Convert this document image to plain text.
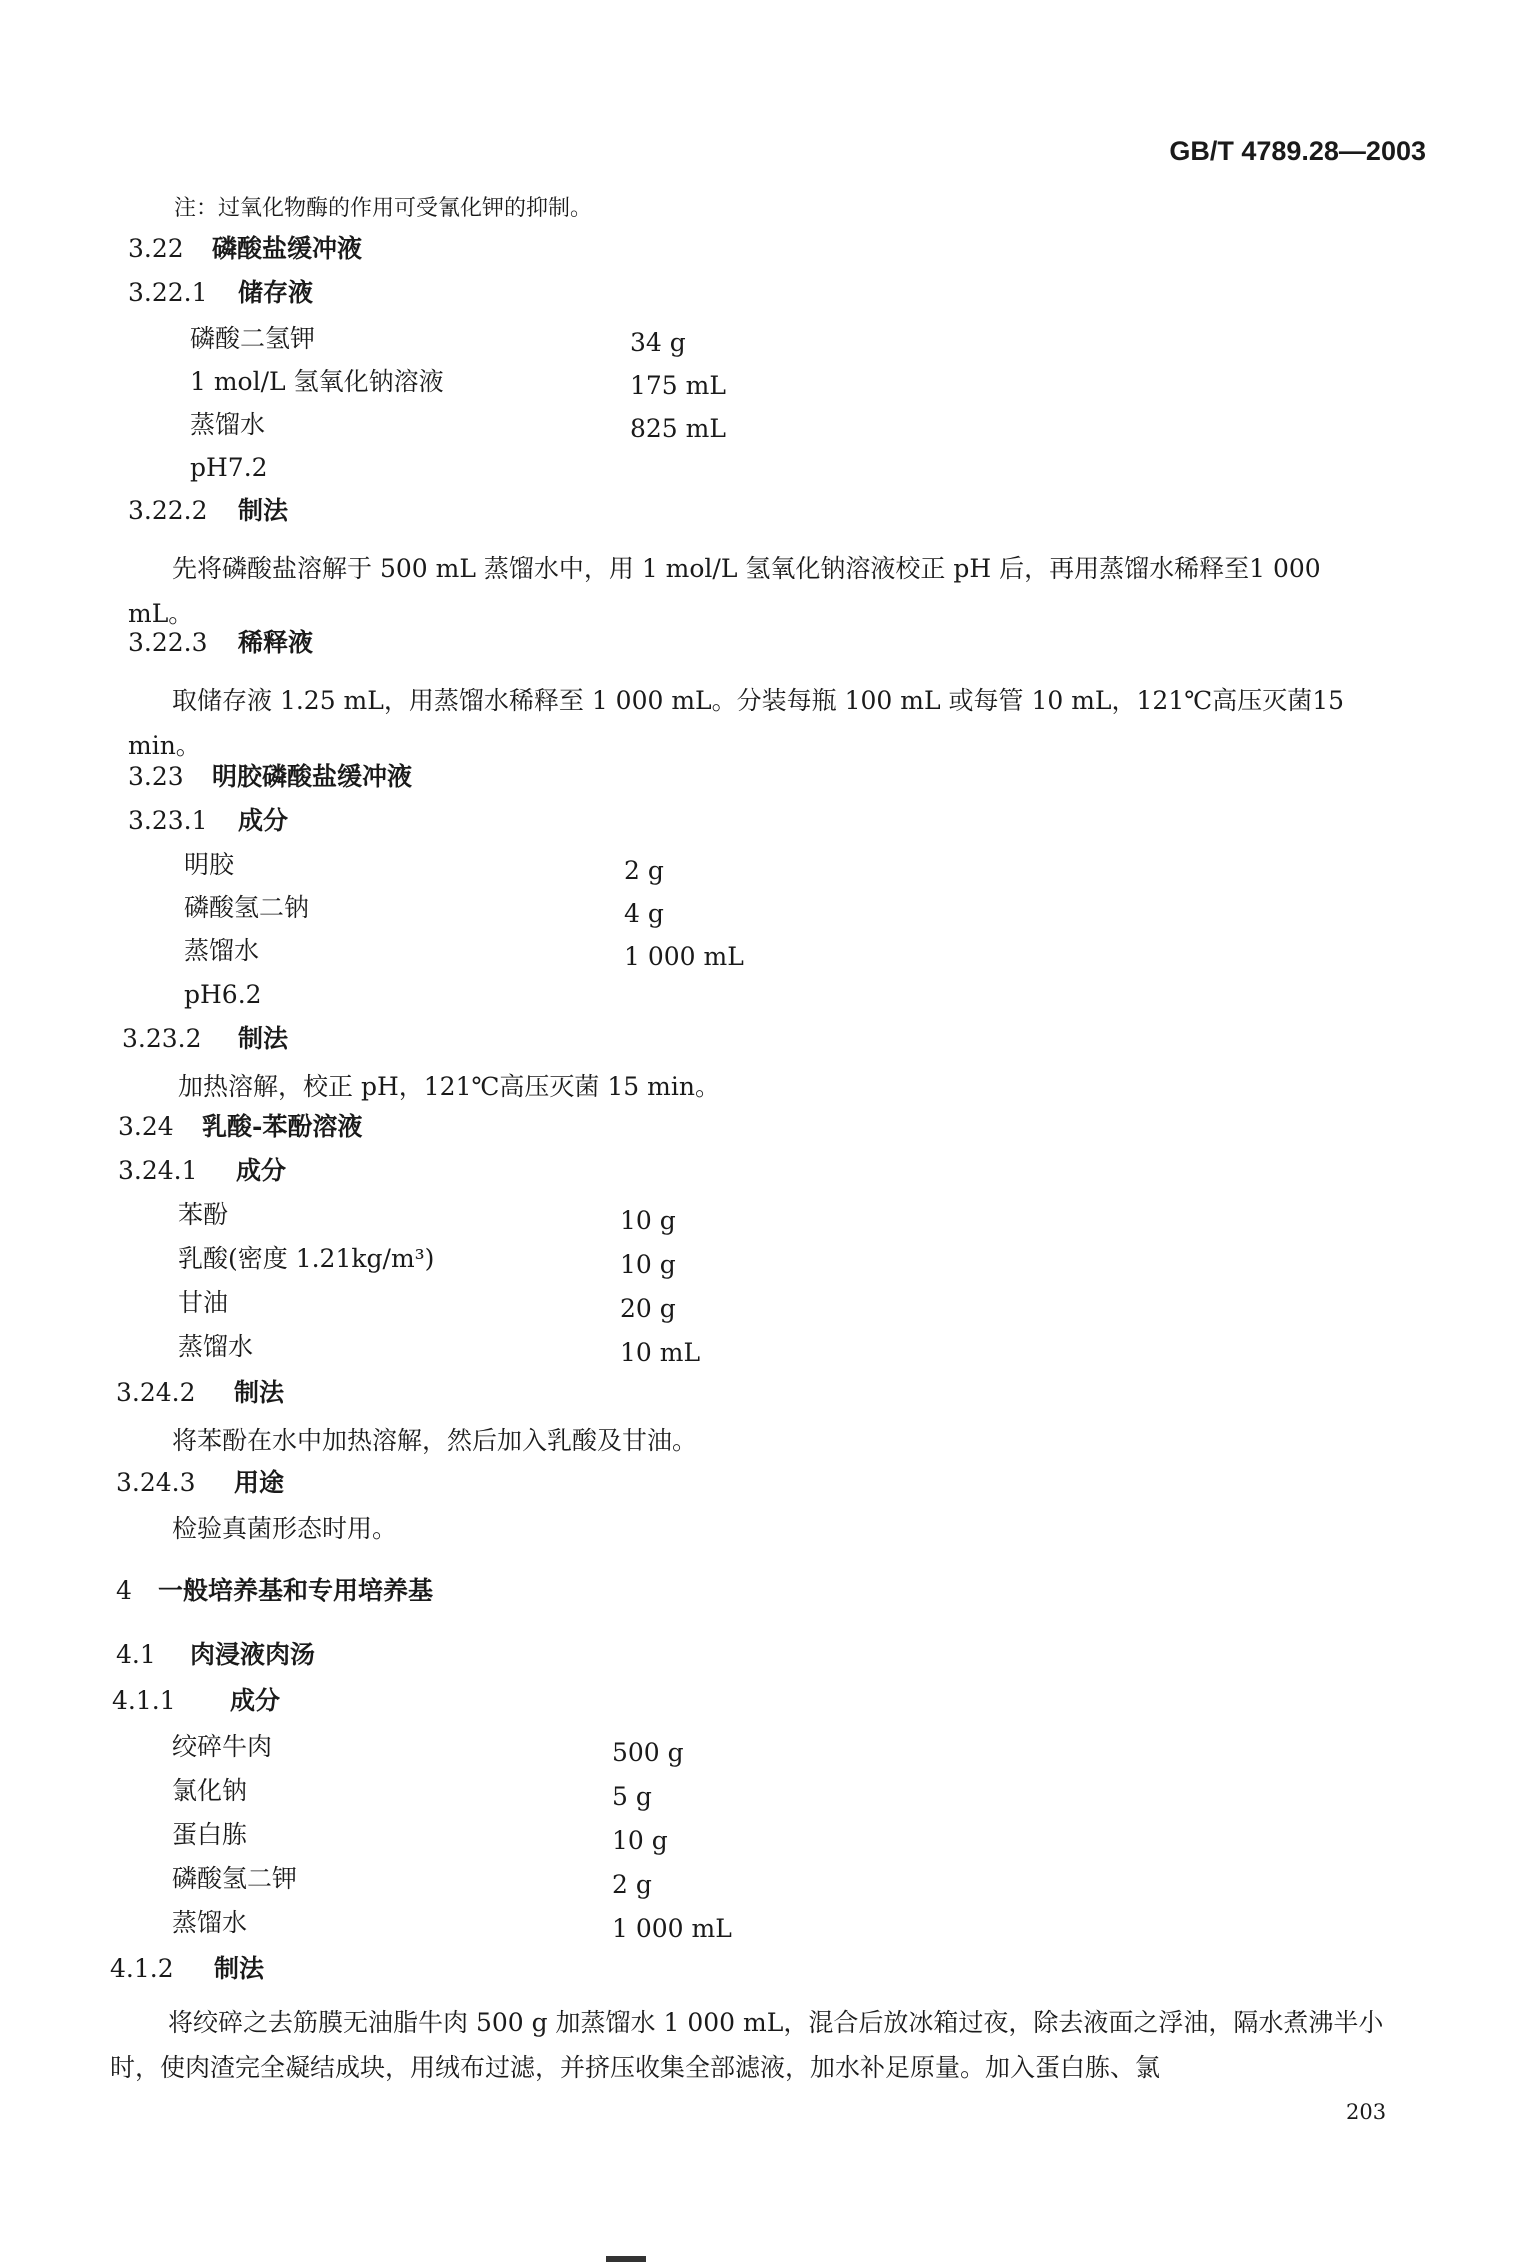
GB/T 4789.28—2003
注：过氧化物酶的作用可受氰化钾的抑制。
3.22 磷酸盐缓冲液
3.22.1 储存液
磷酸二氢钾	34 g
1 mol/L 氢氧化钠溶液	175 mL
蒸馏水	825 mL
pH7.2
3.22.2 制法
先将磷酸盐溶解于 500 mL 蒸馏水中，用 1 mol/L 氢氧化钠溶液校正 pH 后，再用蒸馏水稀释至1 000 mL。
3.22.3 稀释液
取储存液 1.25 mL，用蒸馏水稀释至 1 000 mL。分装每瓶 100 mL 或每管 10 mL，121℃高压灭菌15 min。
3.23 明胶磷酸盐缓冲液
3.23.1 成分
明胶	2 g
磷酸氢二钠	4 g
蒸馏水	1 000 mL
pH6.2
3.23.2 制法
加热溶解，校正 pH，121℃高压灭菌 15 min。
3.24 乳酸-苯酚溶液
3.24.1 成分
苯酚	10 g
乳酸(密度 1.21kg/m³)	10 g
甘油	20 g
蒸馏水	10 mL
3.24.2 制法
将苯酚在水中加热溶解，然后加入乳酸及甘油。
3.24.3 用途
检验真菌形态时用。
4 一般培养基和专用培养基
4.1 肉浸液肉汤
4.1.1 成分
绞碎牛肉	500 g
氯化钠	5 g
蛋白胨	10 g
磷酸氢二钾	2 g
蒸馏水	1 000 mL
4.1.2 制法
将绞碎之去筋膜无油脂牛肉 500 g 加蒸馏水 1 000 mL，混合后放冰箱过夜，除去液面之浮油，隔水煮沸半小时，使肉渣完全凝结成块，用绒布过滤，并挤压收集全部滤液，加水补足原量。加入蛋白胨、氯
203
